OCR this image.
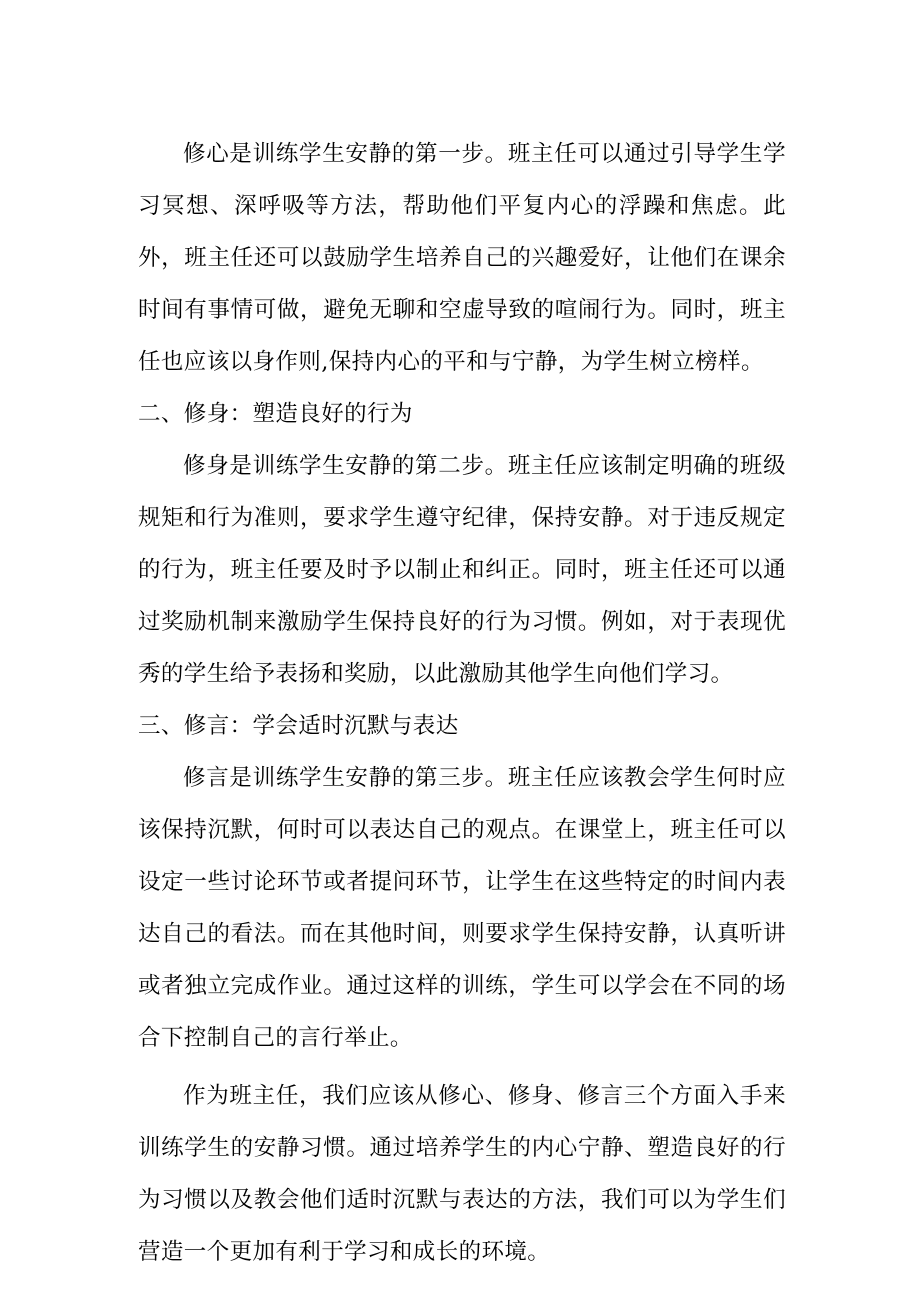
修心是训练学生安静的第一步。班主任可以通过引导学生学习冥想、深呼吸等方法，帮助他们平复内心的浮躁和焦虑。此外，班主任还可以鼓励学生培养自己的兴趣爱好，让他们在课余时间有事情可做，避免无聊和空虚导致的喧闹行为。同时，班主任也应该以身作则,保持内心的平和与宁静，为学生树立榜样。

二、修身：塑造良好的行为

修身是训练学生安静的第二步。班主任应该制定明确的班级规矩和行为准则，要求学生遵守纪律，保持安静。对于违反规定的行为，班主任要及时予以制止和纠正。同时，班主任还可以通过奖励机制来激励学生保持良好的行为习惯。例如，对于表现优秀的学生给予表扬和奖励，以此激励其他学生向他们学习。

三、修言：学会适时沉默与表达

修言是训练学生安静的第三步。班主任应该教会学生何时应该保持沉默，何时可以表达自己的观点。在课堂上，班主任可以设定一些讨论环节或者提问环节，让学生在这些特定的时间内表达自己的看法。而在其他时间，则要求学生保持安静，认真听讲或者独立完成作业。通过这样的训练，学生可以学会在不同的场合下控制自己的言行举止。

作为班主任，我们应该从修心、修身、修言三个方面入手来训练学生的安静习惯。通过培养学生的内心宁静、塑造良好的行为习惯以及教会他们适时沉默与表达的方法，我们可以为学生们营造一个更加有利于学习和成长的环境。
